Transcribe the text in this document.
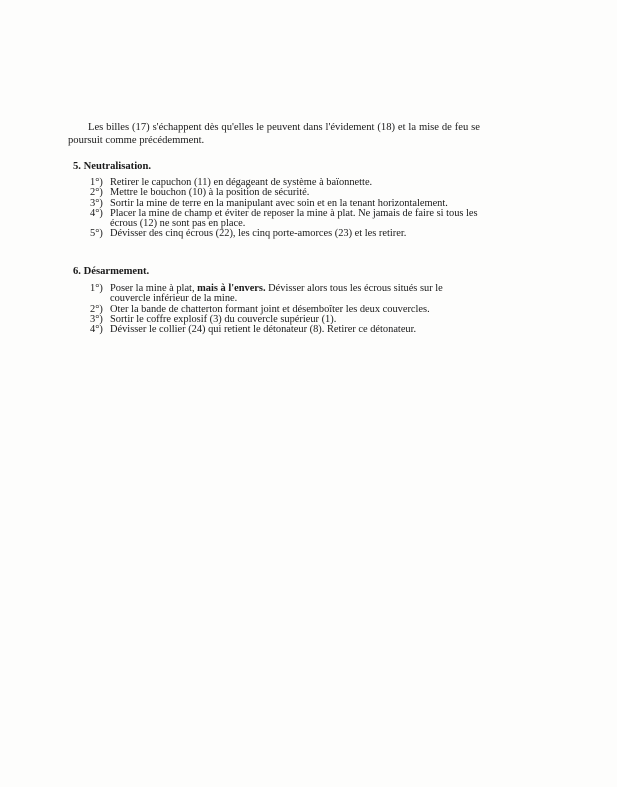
Les billes (17) s'échappent dès qu'elles le peuvent dans l'évidement (18) et la mise de feu se poursuit comme précédemment.

5. Neutralisation.
1°) Retirer le capuchon (11) en dégageant de système à baïonnette.
2°) Mettre le bouchon (10) à la position de sécurité.
3°) Sortir la mine de terre en la manipulant avec soin et en la tenant horizontalement.
4°) Placer la mine de champ et éviter de reposer la mine à plat. Ne jamais de faire si tous les écrous (12) ne sont pas en place.
5°) Dévisser des cinq écrous (22), les cinq porte-amorces (23) et les retirer.
6. Désarmement.
1°) Poser la mine à plat, mais à l'envers. Dévisser alors tous les écrous situés sur le couvercle inférieur de la mine.
2°) Oter la bande de chatterton formant joint et désemboîter les deux couvercles.
3°) Sortir le coffre explosif (3) du couvercle supérieur (1).
4°) Dévisser le collier (24) qui retient le détonateur (8). Retirer ce détonateur.
